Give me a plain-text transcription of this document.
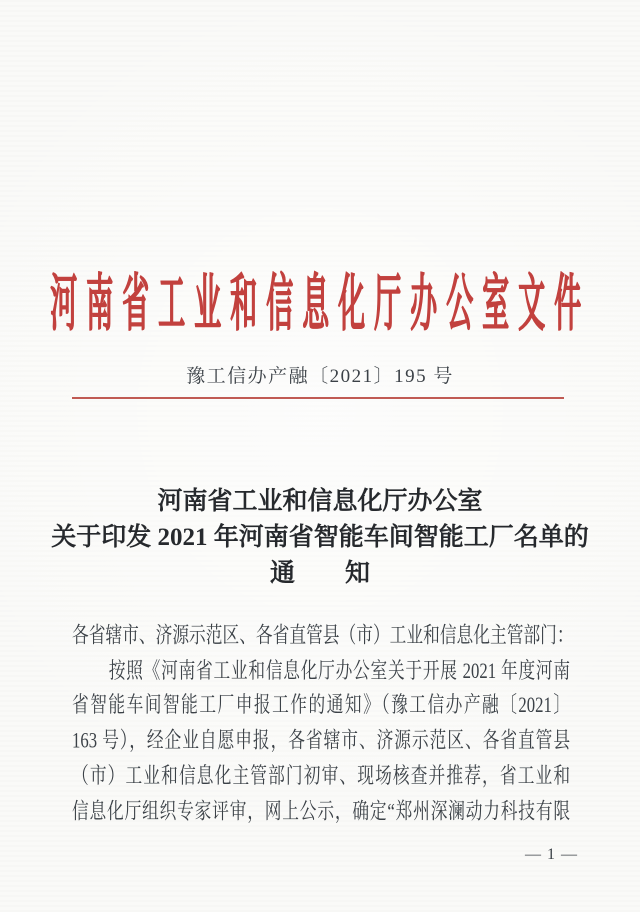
河南省工业和信息化厅办公室文件
豫工信办产融〔2021〕195 号
河南省工业和信息化厅办公室
关于印发 2021 年河南省智能车间智能工厂名单的
通　　知
各省辖市、济源示范区、各省直管县（市）工业和信息化主管部门：
按照《河南省工业和信息化厅办公室关于开展 2021 年度河南
省智能车间智能工厂申报工作的通知》（豫工信办产融〔2021〕
163 号），经企业自愿申报，各省辖市、济源示范区、各省直管县
（市）工业和信息化主管部门初审、现场核查并推荐，省工业和
信息化厅组织专家评审，网上公示，确定“郑州深澜动力科技有限
— 1 —
